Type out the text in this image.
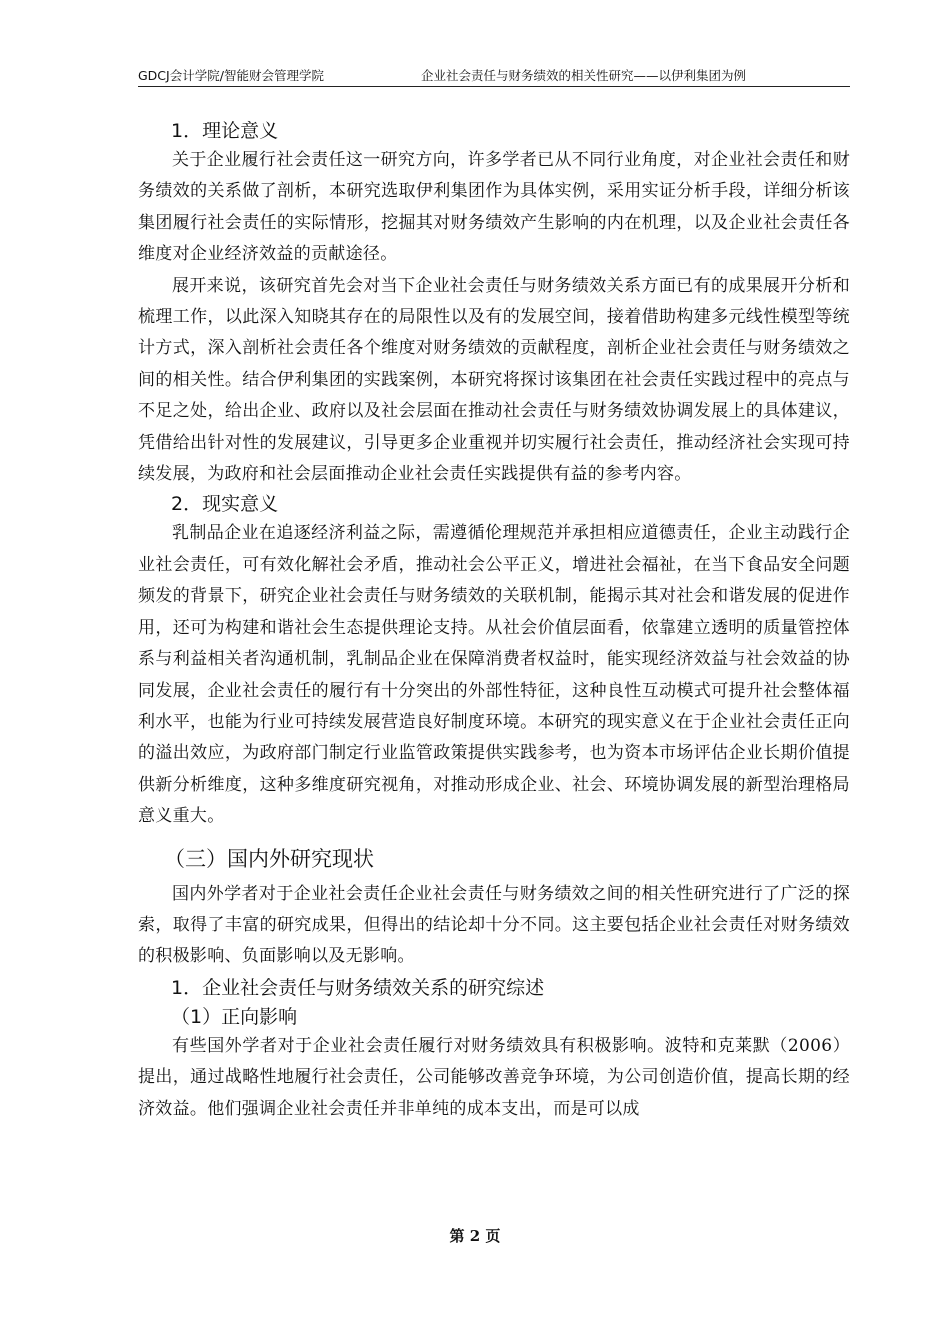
GDCJ会计学院/智能财会管理学院	企业社会责任与财务绩效的相关性研究——以伊利集团为例
1．理论意义

关于企业履行社会责任这一研究方向，许多学者已从不同行业角度，对企业社会责任和财务绩效的关系做了剖析，本研究选取伊利集团作为具体实例，采用实证分析手段，详细分析该集团履行社会责任的实际情形，挖掘其对财务绩效产生影响的内在机理，以及企业社会责任各维度对企业经济效益的贡献途径。

展开来说，该研究首先会对当下企业社会责任与财务绩效关系方面已有的成果展开分析和梳理工作，以此深入知晓其存在的局限性以及有的发展空间，接着借助构建多元线性模型等统计方式，深入剖析社会责任各个维度对财务绩效的贡献程度，剖析企业社会责任与财务绩效之间的相关性。结合伊利集团的实践案例，本研究将探讨该集团在社会责任实践过程中的亮点与不足之处，给出企业、政府以及社会层面在推动社会责任与财务绩效协调发展上的具体建议，凭借给出针对性的发展建议，引导更多企业重视并切实履行社会责任，推动经济社会实现可持续发展，为政府和社会层面推动企业社会责任实践提供有益的参考内容。

2．现实意义

乳制品企业在追逐经济利益之际，需遵循伦理规范并承担相应道德责任，企业主动践行企业社会责任，可有效化解社会矛盾，推动社会公平正义，增进社会福祉，在当下食品安全问题频发的背景下，研究企业社会责任与财务绩效的关联机制，能揭示其对社会和谐发展的促进作用，还可为构建和谐社会生态提供理论支持。从社会价值层面看，依靠建立透明的质量管控体系与利益相关者沟通机制，乳制品企业在保障消费者权益时，能实现经济效益与社会效益的协同发展，企业社会责任的履行有十分突出的外部性特征，这种良性互动模式可提升社会整体福利水平，也能为行业可持续发展营造良好制度环境。本研究的现实意义在于企业社会责任正向的溢出效应，为政府部门制定行业监管政策提供实践参考，也为资本市场评估企业长期价值提供新分析维度，这种多维度研究视角，对推动形成企业、社会、环境协调发展的新型治理格局意义重大。

（三）国内外研究现状

国内外学者对于企业社会责任企业社会责任与财务绩效之间的相关性研究进行了广泛的探索，取得了丰富的研究成果，但得出的结论却十分不同。这主要包括企业社会责任对财务绩效的积极影响、负面影响以及无影响。

1．企业社会责任与财务绩效关系的研究综述
（1）正向影响

有些国外学者对于企业社会责任履行对财务绩效具有积极影响。波特和克莱默（2006）提出，通过战略性地履行社会责任，公司能够改善竞争环境，为公司创造价值，提高长期的经济效益。他们强调企业社会责任并非单纯的成本支出，而是可以成

第 2 页
